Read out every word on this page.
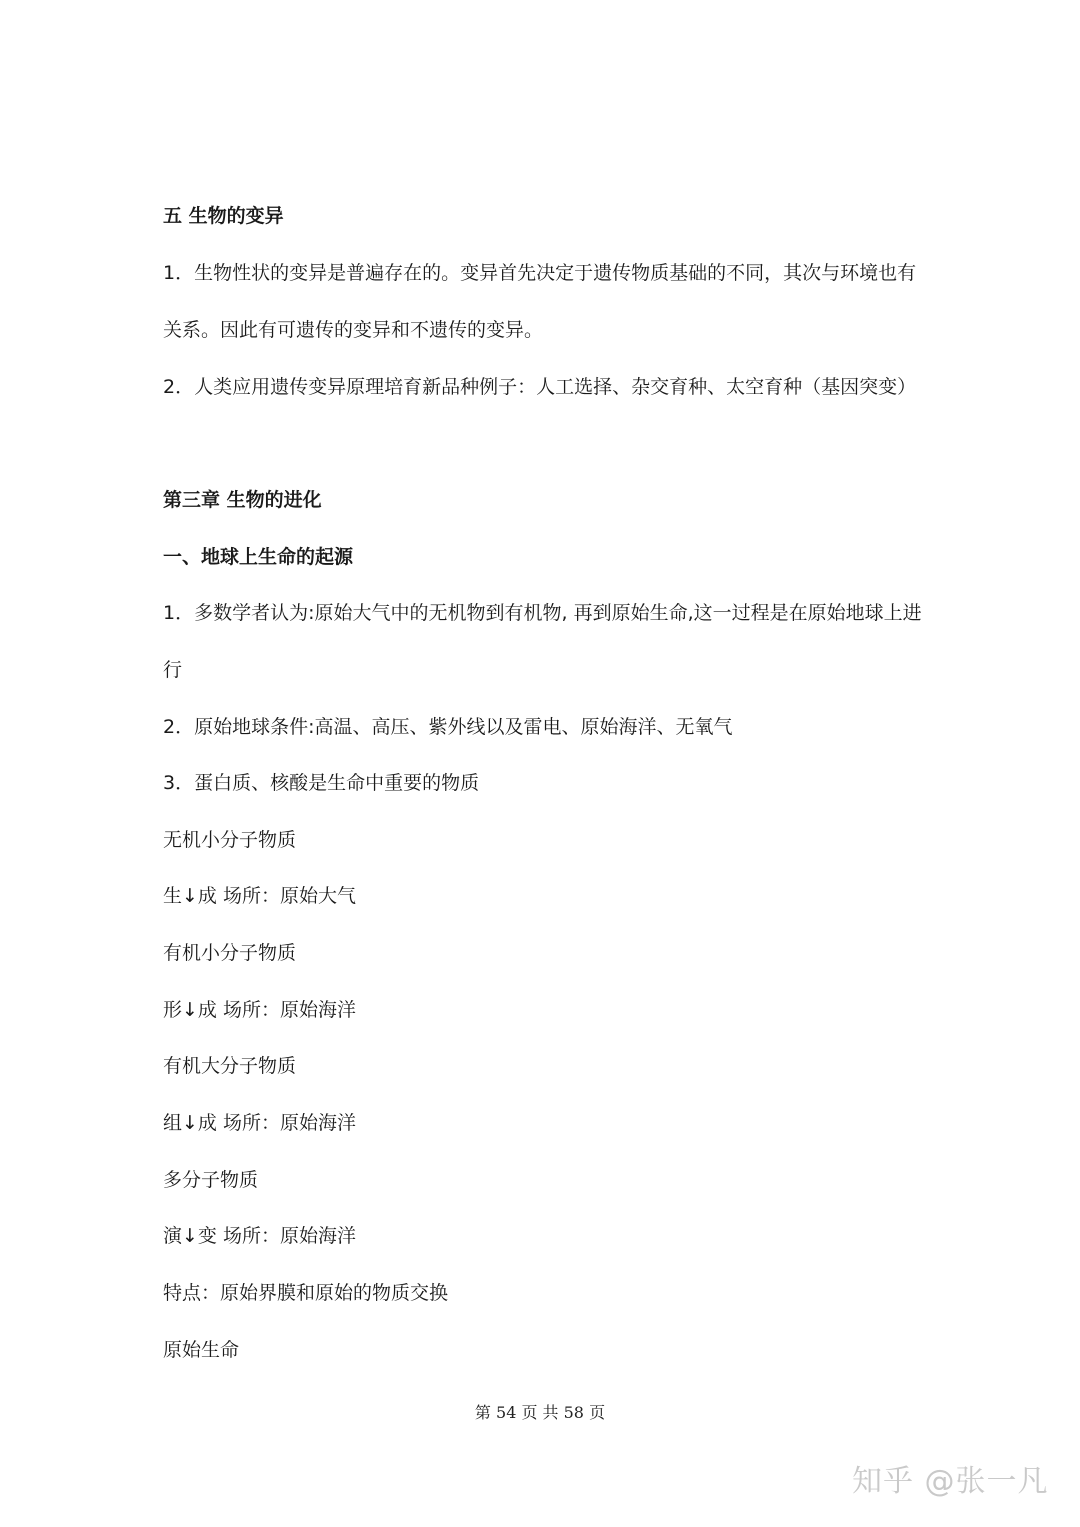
五 生物的变异
1．生物性状的变异是普遍存在的。变异首先决定于遗传物质基础的不同，其次与环境也有
关系。因此有可遗传的变异和不遗传的变异。
2．人类应用遗传变异原理培育新品种例子：人工选择、杂交育种、太空育种（基因突变）
第三章 生物的进化
一、地球上生命的起源
1．多数学者认为:原始大气中的无机物到有机物, 再到原始生命,这一过程是在原始地球上进
行
2．原始地球条件:高温、高压、紫外线以及雷电、原始海洋、无氧气
3．蛋白质、核酸是生命中重要的物质
无机小分子物质
生↓成 场所：原始大气
有机小分子物质
形↓成 场所：原始海洋
有机大分子物质
组↓成 场所：原始海洋
多分子物质
演↓变 场所：原始海洋
特点：原始界膜和原始的物质交换
原始生命
第 54 页 共 58 页
知乎 @张一凡
